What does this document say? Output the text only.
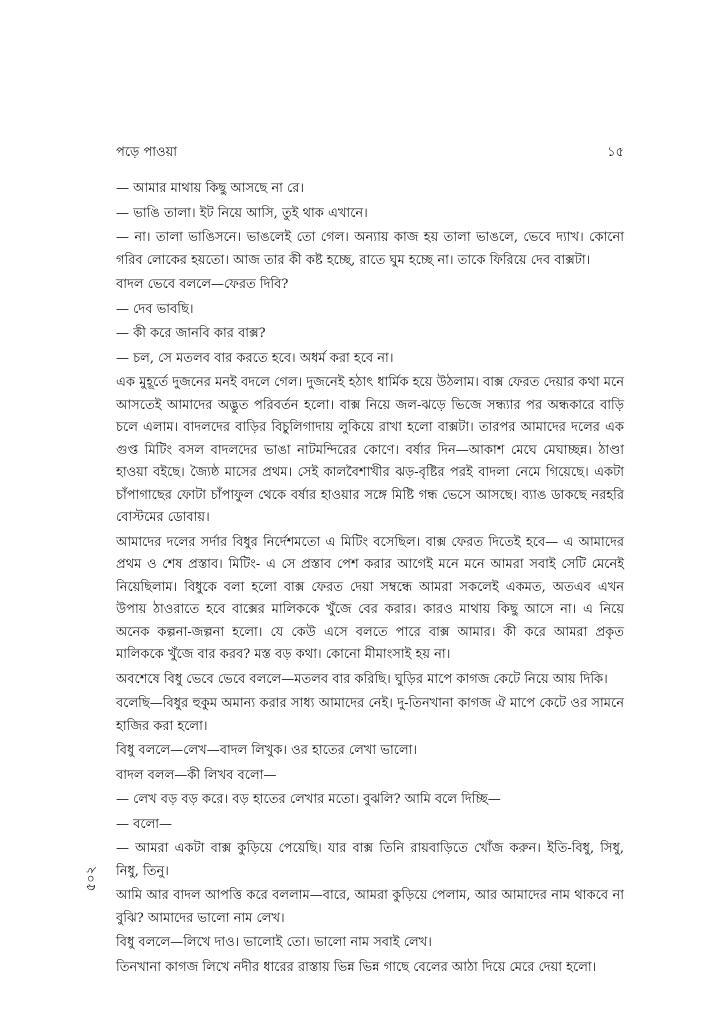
পড়ে পাওয়া	১৫

— আমার মাথায় কিছু আসছে না রে।

— ভাঙি তালা। ইট নিয়ে আসি, তুই থাক এখানে।

— না। তালা ভাঙিসনে। ভাঙলেই তো গেল। অন্যায় কাজ হয় তালা ভাঙলে, ভেবে দ্যাখ। কোনো গরিব লোকের হয়তো। আজ তার কী কষ্ট হচ্ছে, রাতে ঘুম হচ্ছে না। তাকে ফিরিয়ে দেব বাক্সটা।

বাদল ভেবে বললে—ফেরত দিবি?

— দেব ভাবছি।

— কী করে জানবি কার বাক্স?

— চল, সে মতলব বার করতে হবে। অধর্ম করা হবে না।

এক মুহূর্তে দুজনের মনই বদলে গেল। দুজনেই হঠাৎ ধার্মিক হয়ে উঠলাম। বাক্স ফেরত দেয়ার কথা মনে আসতেই আমাদের অদ্ভুত পরিবর্তন হলো। বাক্স নিয়ে জল-ঝড়ে ভিজে সন্ধ্যার পর অন্ধকারে বাড়ি চলে এলাম। বাদলদের বাড়ির বিচুলিগাদায় লুকিয়ে রাখা হলো বাক্সটা। তারপর আমাদের দলের এক গুপ্ত মিটিং বসল বাদলদের ভাঙা নাটমন্দিরের কোণে। বর্ষার দিন—আকাশ মেঘে মেঘাচ্ছন্ন। ঠাণ্ডা হাওয়া বইছে। জ্যৈষ্ঠ মাসের প্রথম। সেই কালবৈশাখীর ঝড়-বৃষ্টির পরই বাদলা নেমে গিয়েছে। একটা চাঁপাগাছের ফোটা চাঁপাফুল থেকে বর্ষার হাওয়ার সঙ্গে মিষ্টি গন্ধ ভেসে আসছে। ব্যাঙ ডাকছে নরহরি বোস্টমের ডোবায়।

আমাদের দলের সর্দার বিধুর নির্দেশমতো এ মিটিং বসেছিল। বাক্স ফেরত দিতেই হবে— এ আমাদের প্রথম ও শেষ প্রস্তাব। মিটিং- এ সে প্রস্তাব পেশ করার আগেই মনে মনে আমরা সবাই সেটি মেনেই নিয়েছিলাম। বিধুকে বলা হলো বাক্স ফেরত দেয়া সম্বন্ধে আমরা সকলেই একমত, অতএব এখন উপায় ঠাওরাতে হবে বাক্সের মালিককে খুঁজে বের করার। কারও মাথায় কিছু আসে না। এ নিয়ে অনেক কল্পনা-জল্পনা হলো। যে কেউ এসে বলতে পারে বাক্স আমার। কী করে আমরা প্রকৃত মালিককে খুঁজে বার করব? মস্ত বড় কথা। কোনো মীমাংসাই হয় না।

অবশেষে বিধু ভেবে ভেবে বললে—মতলব বার করিছি। ঘুড়ির মাপে কাগজ কেটে নিয়ে আয় দিকি।

বলেছি—বিধুর হুকুম অমান্য করার সাধ্য আমাদের নেই। দু-তিনখানা কাগজ ঐ মাপে কেটে ওর সামনে হাজির করা হলো।

বিধু বললে—লেখ—বাদল লিখুক। ওর হাতের লেখা ভালো।

বাদল বলল—কী লিখব বলো—

— লেখ বড় বড় করে। বড় হাতের লেখার মতো। বুঝলি? আমি বলে দিচ্ছি—

— বলো—

— আমরা একটা বাক্স কুড়িয়ে পেয়েছি। যার বাক্স তিনি রায়বাড়িতে খোঁজ করুন। ইতি-বিধু, সিধু, নিধু, তিনু।

আমি আর বাদল আপত্তি করে বললাম—বারে, আমরা কুড়িয়ে পেলাম, আর আমাদের নাম থাকবে না বুঝি? আমাদের ভালো নাম লেখ।

বিধু বললে—লিখে দাও। ভালোই তো। ভালো নাম সবাই লেখ।

তিনখানা কাগজ লিখে নদীর ধারের রাস্তায় ভিন্ন ভিন্ন গাছে বেলের আঠা দিয়ে মেরে দেয়া হলো।

৫০২
